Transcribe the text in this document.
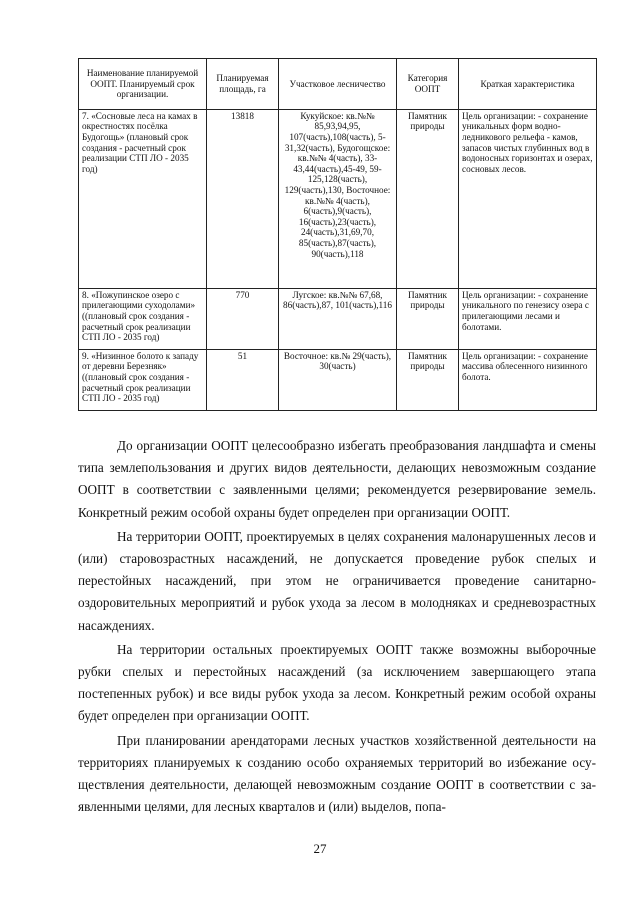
Наименование планируемой ООПТ. Планируемый срок организации.	Планируемая площадь, га	Участковое лесничество	Категория ООПТ	Краткая характеристика
7. «Сосновые леса на камах в окрестностях посёлка Будогощь» (плановый срок создания - расчетный срок реализации СТП ЛО - 2035 год)	13818	Кукуйское: кв.№№ 85,93,94,95, 107(часть),108(часть), 5-31,32(часть), Будогощское: кв.№№ 4(часть), 33-43,44(часть),45-49, 59-125,128(часть), 129(часть),130, Восточное: кв.№№ 4(часть), 6(часть),9(часть), 16(часть),23(часть), 24(часть),31,69,70, 85(часть),87(часть), 90(часть),118	Памятник природы	Цель организации: - сохранение уникальных форм водно-ледникового рельефа - камов, запасов чистых глубинных вод в водоносных горизонтах и озерах, сосновых лесов.
8. «Пожупинское озеро с прилегающими суходолами» ((плановый срок создания - расчетный срок реализации СТП ЛО - 2035 год)	770	Лугское: кв.№№ 67,68, 86(часть),87, 101(часть),116	Памятник природы	Цель организации: - сохранение уникального по генезису озера с прилегающими лесами и болотами.
9. «Низинное болото к западу от деревни Березняк» ((плановый срок создания - расчетный срок реализации СТП ЛО - 2035 год)	51	Восточное: кв.№ 29(часть), 30(часть)	Памятник природы	Цель организации: - сохранение массива облесенного низинного болота.

До организации ООПТ целесообразно избегать преобразования ландшафта и смены типа землепользования и других видов деятельности, делающих невозможным создание ООПТ в соответствии с заявленными целями; рекомендуется резервирование земель. Конкретный режим особой охраны будет определен при организации ООПТ.

На территории ООПТ, проектируемых в целях сохранения малонарушенных лесов и (или) старовозрастных насаждений, не допускается проведение рубок спелых и перестойных насаждений, при этом не ограничивается проведение санитарно-оздоровительных мероприятий и рубок ухода за лесом в молодняках и средневозрастных насаждениях.

На территории остальных проектируемых ООПТ также возможны выборочные рубки спелых и перестойных насаждений (за исключением завершающего этапа постепенных рубок) и все виды рубок ухода за лесом. Конкретный режим особой охраны будет определен при организации ООПТ.

При планировании арендаторами лесных участков хозяйственной деятельности на территориях планируемых к созданию особо охраняемых территорий во избежание осу-ществления деятельности, делающей невозможным создание ООПТ в соответствии с за-явленными целями, для лесных кварталов и (или) выделов, попа-

27
